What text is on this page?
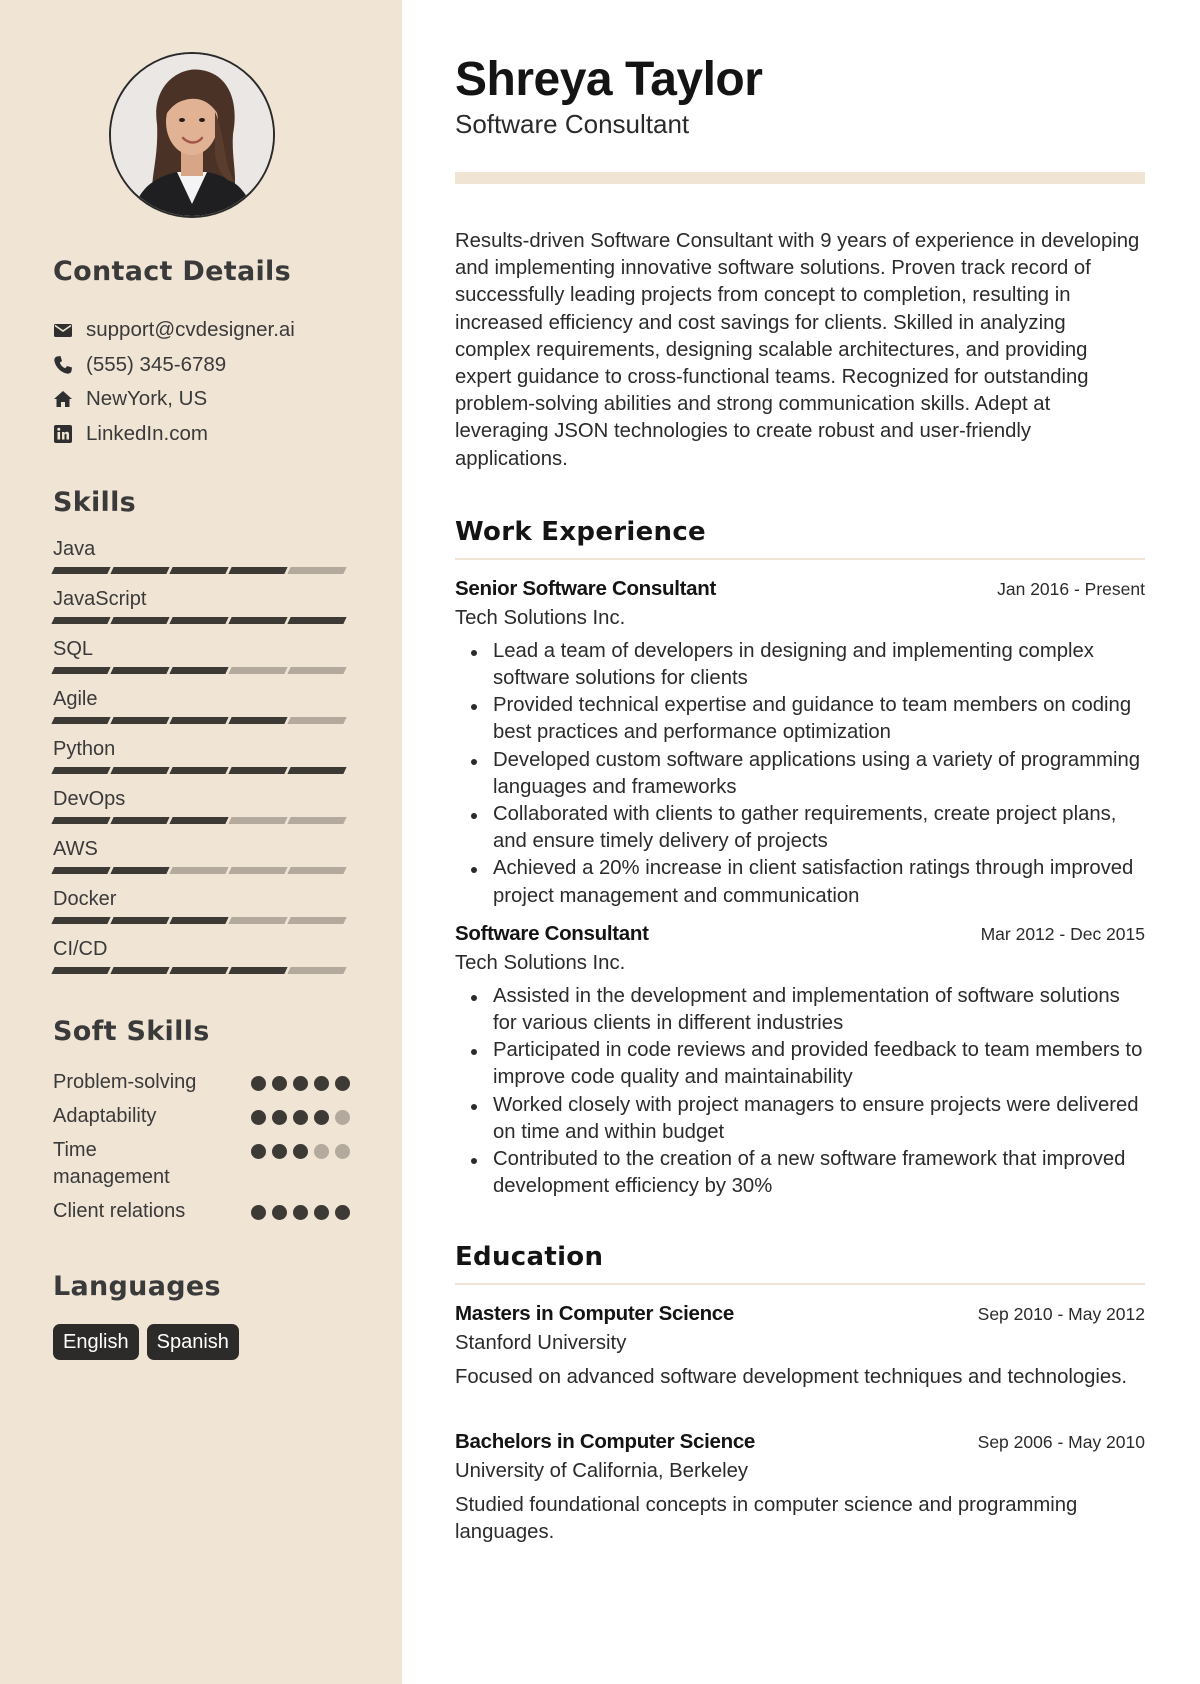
Contact Details
support@cvdesigner.ai
(555) 345-6789
NewYork, US
LinkedIn.com
Skills
Java
JavaScript
SQL
Agile
Python
DevOps
AWS
Docker
CI/CD
Soft Skills
Problem-solving
Adaptability
Time management
Client relations
Languages
English	Spanish
Shreya Taylor
Software Consultant

Results-driven Software Consultant with 9 years of experience in developing and implementing innovative software solutions. Proven track record of successfully leading projects from concept to completion, resulting in increased efficiency and cost savings for clients. Skilled in analyzing complex requirements, designing scalable architectures, and providing expert guidance to cross-functional teams. Recognized for outstanding problem-solving abilities and strong communication skills. Adept at leveraging JSON technologies to create robust and user-friendly applications.

Work Experience
Senior Software Consultant	Jan 2016 - Present
Tech Solutions Inc.
Lead a team of developers in designing and implementing complex software solutions for clients
Provided technical expertise and guidance to team members on coding best practices and performance optimization
Developed custom software applications using a variety of programming languages and frameworks
Collaborated with clients to gather requirements, create project plans, and ensure timely delivery of projects
Achieved a 20% increase in client satisfaction ratings through improved project management and communication
Software Consultant	Mar 2012 - Dec 2015
Tech Solutions Inc.
Assisted in the development and implementation of software solutions for various clients in different industries
Participated in code reviews and provided feedback to team members to improve code quality and maintainability
Worked closely with project managers to ensure projects were delivered on time and within budget
Contributed to the creation of a new software framework that improved development efficiency by 30%
Education
Masters in Computer Science	Sep 2010 - May 2012
Stanford University

Focused on advanced software development techniques and technologies.

Bachelors in Computer Science	Sep 2006 - May 2010
University of California, Berkeley

Studied foundational concepts in computer science and programming languages.
